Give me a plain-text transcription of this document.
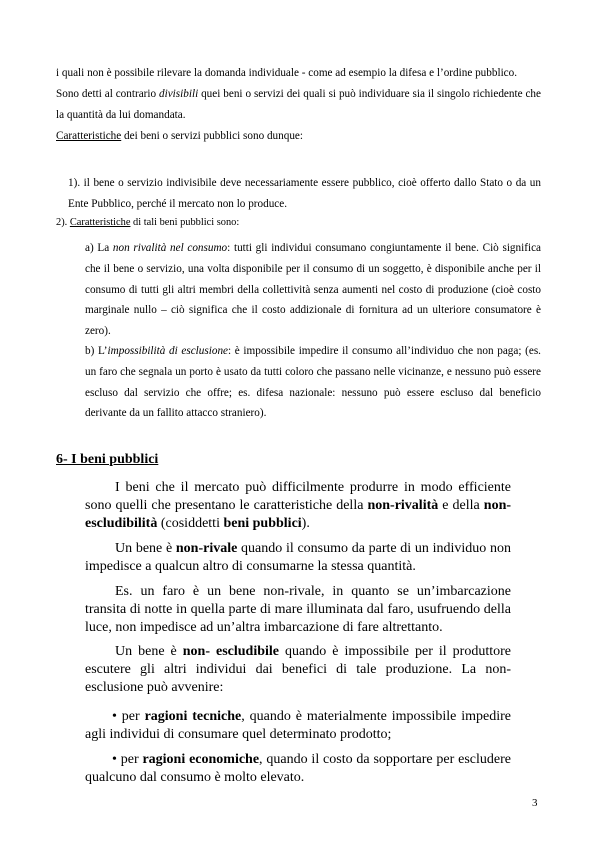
i quali non è possibile rilevare la domanda individuale - come ad esempio la difesa e l’ordine pubblico.
Sono detti al contrario divisibili quei beni o servizi dei quali si può individuare sia il singolo richiedente che la quantità da lui domandata.
Caratteristiche dei beni o servizi pubblici sono dunque:
1). il bene o servizio indivisibile deve necessariamente essere pubblico, cioè offerto dallo Stato o da un Ente Pubblico, perché il mercato non lo produce.
2). Caratteristiche di tali beni pubblici sono:
a) La non rivalità nel consumo: tutti gli individui consumano congiuntamente il bene. Ciò significa che il bene o servizio, una volta disponibile per il consumo di un soggetto, è disponibile anche per il consumo di tutti gli altri membri della collettività senza aumenti nel costo di produzione (cioè costo marginale nullo – ciò significa che il costo addizionale di fornitura ad un ulteriore consumatore è zero).
b) L’impossibilità di esclusione: è impossibile impedire il consumo all’individuo che non paga; (es. un faro che segnala un porto è usato da tutti coloro che passano nelle vicinanze, e nessuno può essere escluso dal servizio che offre; es. difesa nazionale: nessuno può essere escluso dal beneficio derivante da un fallito attacco straniero).
6- I beni pubblici
I beni che il mercato può difficilmente produrre in modo efficiente sono quelli che presentano le caratteristiche della non-rivalità e della non-escludibilità (cosiddetti beni pubblici).
Un bene è non-rivale quando il consumo da parte di un individuo non impedisce a qualcun altro di consumarne la stessa quantità.
Es. un faro è un bene non-rivale, in quanto se un’imbarcazione transita di notte in quella parte di mare illuminata dal faro, usufruendo della luce, non impedisce ad un’altra imbarcazione di fare altrettanto.
Un bene è non- escludibile quando è impossibile per il produttore escutere gli altri individui dai benefici di tale produzione. La non-esclusione può avvenire:
• per ragioni tecniche, quando è materialmente impossibile impedire agli individui di consumare quel determinato prodotto;
• per ragioni economiche, quando il costo da sopportare per escludere qualcuno dal consumo è molto elevato.
3
